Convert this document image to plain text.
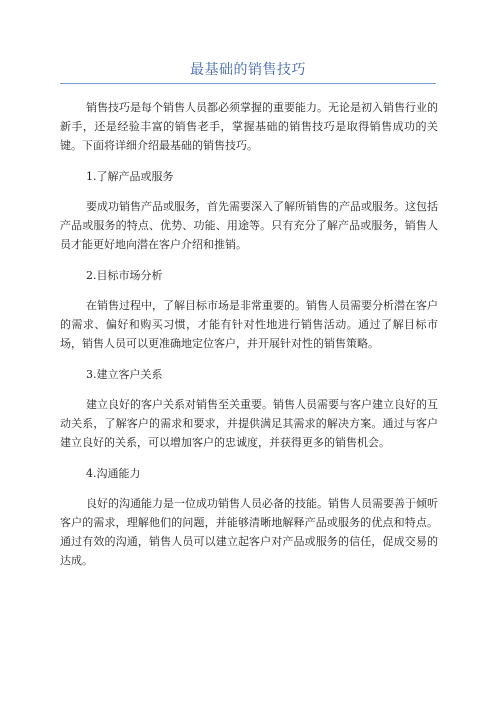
最基础的销售技巧

销售技巧是每个销售人员都必须掌握的重要能力。无论是初入销售行业的新手，还是经验丰富的销售老手，掌握基础的销售技巧是取得销售成功的关键。下面将详细介绍最基础的销售技巧。

1.了解产品或服务

要成功销售产品或服务，首先需要深入了解所销售的产品或服务。这包括产品或服务的特点、优势、功能、用途等。只有充分了解产品或服务，销售人员才能更好地向潜在客户介绍和推销。

2.目标市场分析

在销售过程中，了解目标市场是非常重要的。销售人员需要分析潜在客户的需求、偏好和购买习惯，才能有针对性地进行销售活动。通过了解目标市场，销售人员可以更准确地定位客户，并开展针对性的销售策略。

3.建立客户关系

建立良好的客户关系对销售至关重要。销售人员需要与客户建立良好的互动关系，了解客户的需求和要求，并提供满足其需求的解决方案。通过与客户建立良好的关系，可以增加客户的忠诚度，并获得更多的销售机会。

4.沟通能力

良好的沟通能力是一位成功销售人员必备的技能。销售人员需要善于倾听客户的需求，理解他们的问题，并能够清晰地解释产品或服务的优点和特点。通过有效的沟通，销售人员可以建立起客户对产品或服务的信任，促成交易的达成。
